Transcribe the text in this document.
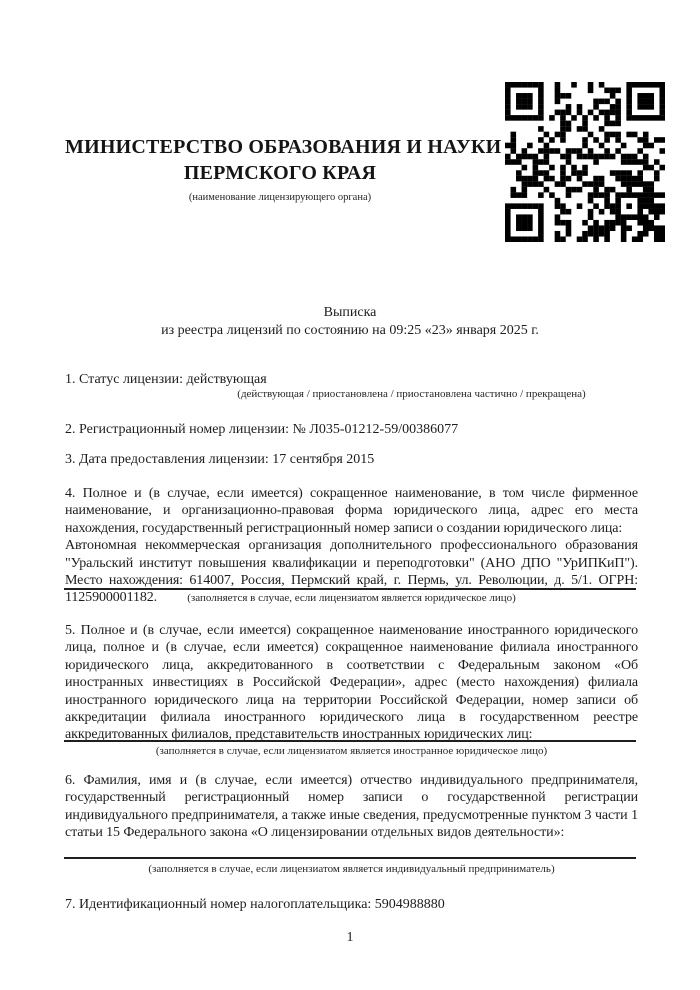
МИНИСТЕРСТВО ОБРАЗОВАНИЯ И НАУКИ
ПЕРМСКОГО КРАЯ
(наименование лицензирующего органа)
Выписка
из реестра лицензий по состоянию на 09:25 «23» января 2025 г.
1. Статус лицензии: действующая
(действующая / приостановлена / приостановлена частично / прекращена)
2. Регистрационный номер лицензии: № Л035-01212-59/00386077
3. Дата предоставления лицензии: 17 сентября 2015

4. Полное и (в случае, если имеется) сокращенное наименование, в том числе фирменное наименование, и организационно-правовая форма юридического лица, адрес его места нахождения, государственный регистрационный номер записи о создании юридического лица:

Автономная некоммерческая организация дополнительного профессионального образования "Уральский институт повышения квалификации и переподготовки" (АНО ДПО "УрИПКиП"). Место нахождения: 614007, Россия, Пермский край, г. Пермь, ул. Революции, д. 5/1. ОГРН: 1125900001182.	(заполняется в случае, если лицензиатом является юридическое лицо)

5. Полное и (в случае, если имеется) сокращенное наименование иностранного юридического лица, полное и (в случае, если имеется) сокращенное наименование филиала иностранного юридического лица, аккредитованного в соответствии с Федеральным законом «Об иностранных инвестициях в Российской Федерации», адрес (место нахождения) филиала иностранного юридического лица на территории Российской Федерации, номер записи об аккредитации филиала иностранного юридического лица в государственном реестре аккредитованных филиалов, представительств иностранных юридических лиц:

(заполняется в случае, если лицензиатом является иностранное юридическое лицо)

6. Фамилия, имя и (в случае, если имеется) отчество индивидуального предпринимателя, государственный регистрационный номер записи о государственной регистрации индивидуального предпринимателя, а также иные сведения, предусмотренные пунктом 3 части 1 статьи 15 Федерального закона «О лицензировании отдельных видов деятельности»:

(заполняется в случае, если лицензиатом является индивидуальный предприниматель)
7. Идентификационный номер налогоплательщика: 5904988880
1
